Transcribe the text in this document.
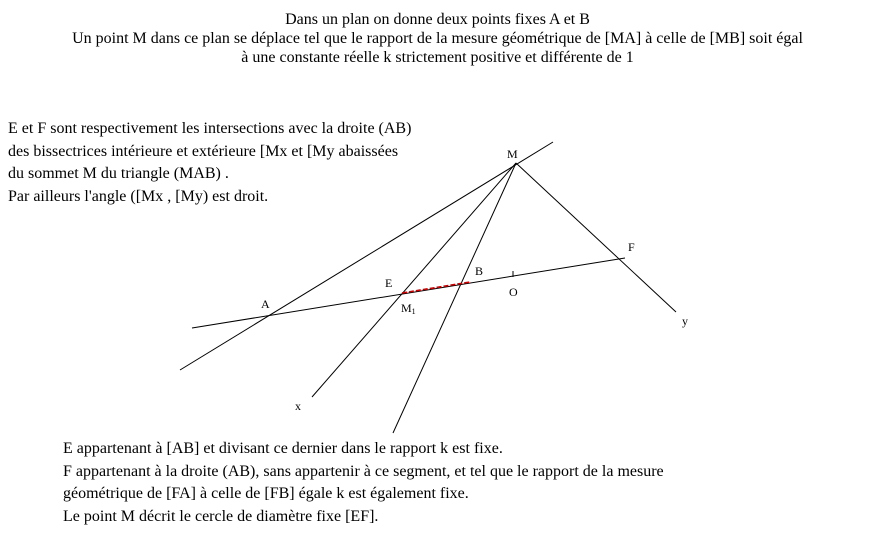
Dans un plan on donne deux points fixes A et B
Un point M dans ce plan se déplace tel que le rapport de la mesure géométrique de [MA] à celle de [MB] soit égal
à une constante réelle k strictement positive et différente de 1
E et F sont respectivement les intersections avec la droite (AB)
des bissectrices intérieure et extérieure [Mx et [My abaissées
du sommet M du triangle (MAB) .
Par ailleurs l'angle ([Mx , [My) est droit.
M
A
E
B
O
F
x
y
M1
E appartenant à [AB] et divisant ce dernier dans le rapport k est fixe.
F appartenant à la droite (AB), sans appartenir à ce segment, et tel que le rapport de la mesure
géométrique de [FA] à celle de [FB] égale k est également fixe.
Le point M décrit le cercle de diamètre fixe [EF].
